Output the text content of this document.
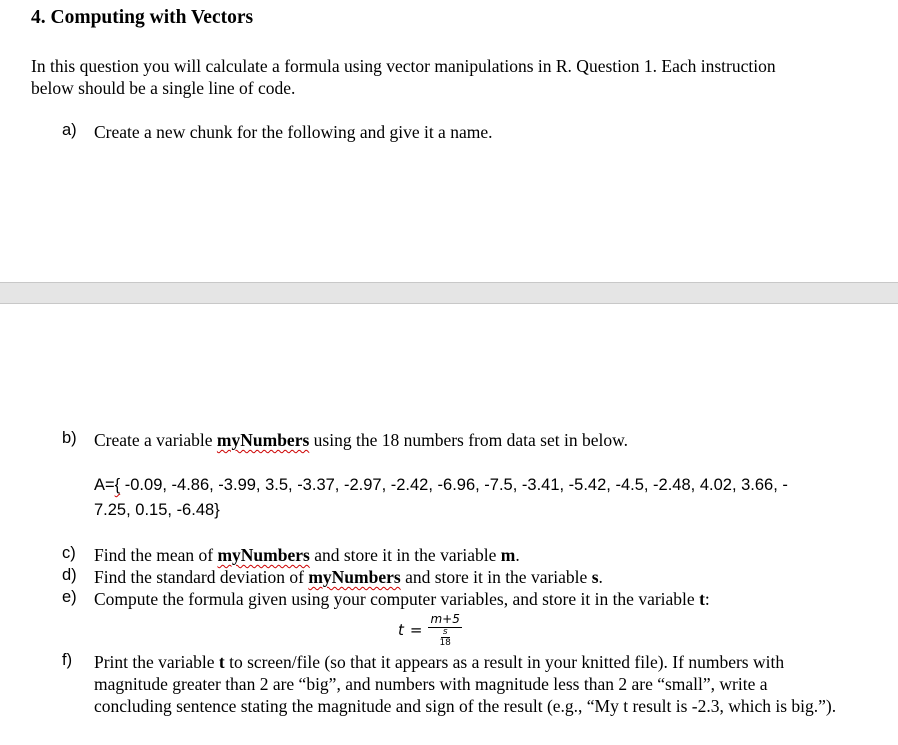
4. Computing with Vectors
In this question you will calculate a formula using vector manipulations in R. Question 1. Each instruction below should be a single line of code.
a) Create a new chunk for the following and give it a name.
b) Create a variable myNumbers using the 18 numbers from data set in below.
A={ -0.09, -4.86, -3.99, 3.5, -3.37, -2.97, -2.42, -6.96, -7.5, -3.41, -5.42, -4.5, -2.48, 4.02, 3.66, -
7.25, 0.15, -6.48}
c) Find the mean of myNumbers and store it in the variable m.
d) Find the standard deviation of myNumbers and store it in the variable s.
e) Compute the formula given using your computer variables, and store it in the variable t:
t = m+5
s
18
f) Print the variable t to screen/file (so that it appears as a result in your knitted file). If numbers with magnitude greater than 2 are “big”, and numbers with magnitude less than 2 are “small”, write a concluding sentence stating the magnitude and sign of the result (e.g., “My t result is -2.3, which is big.”).
